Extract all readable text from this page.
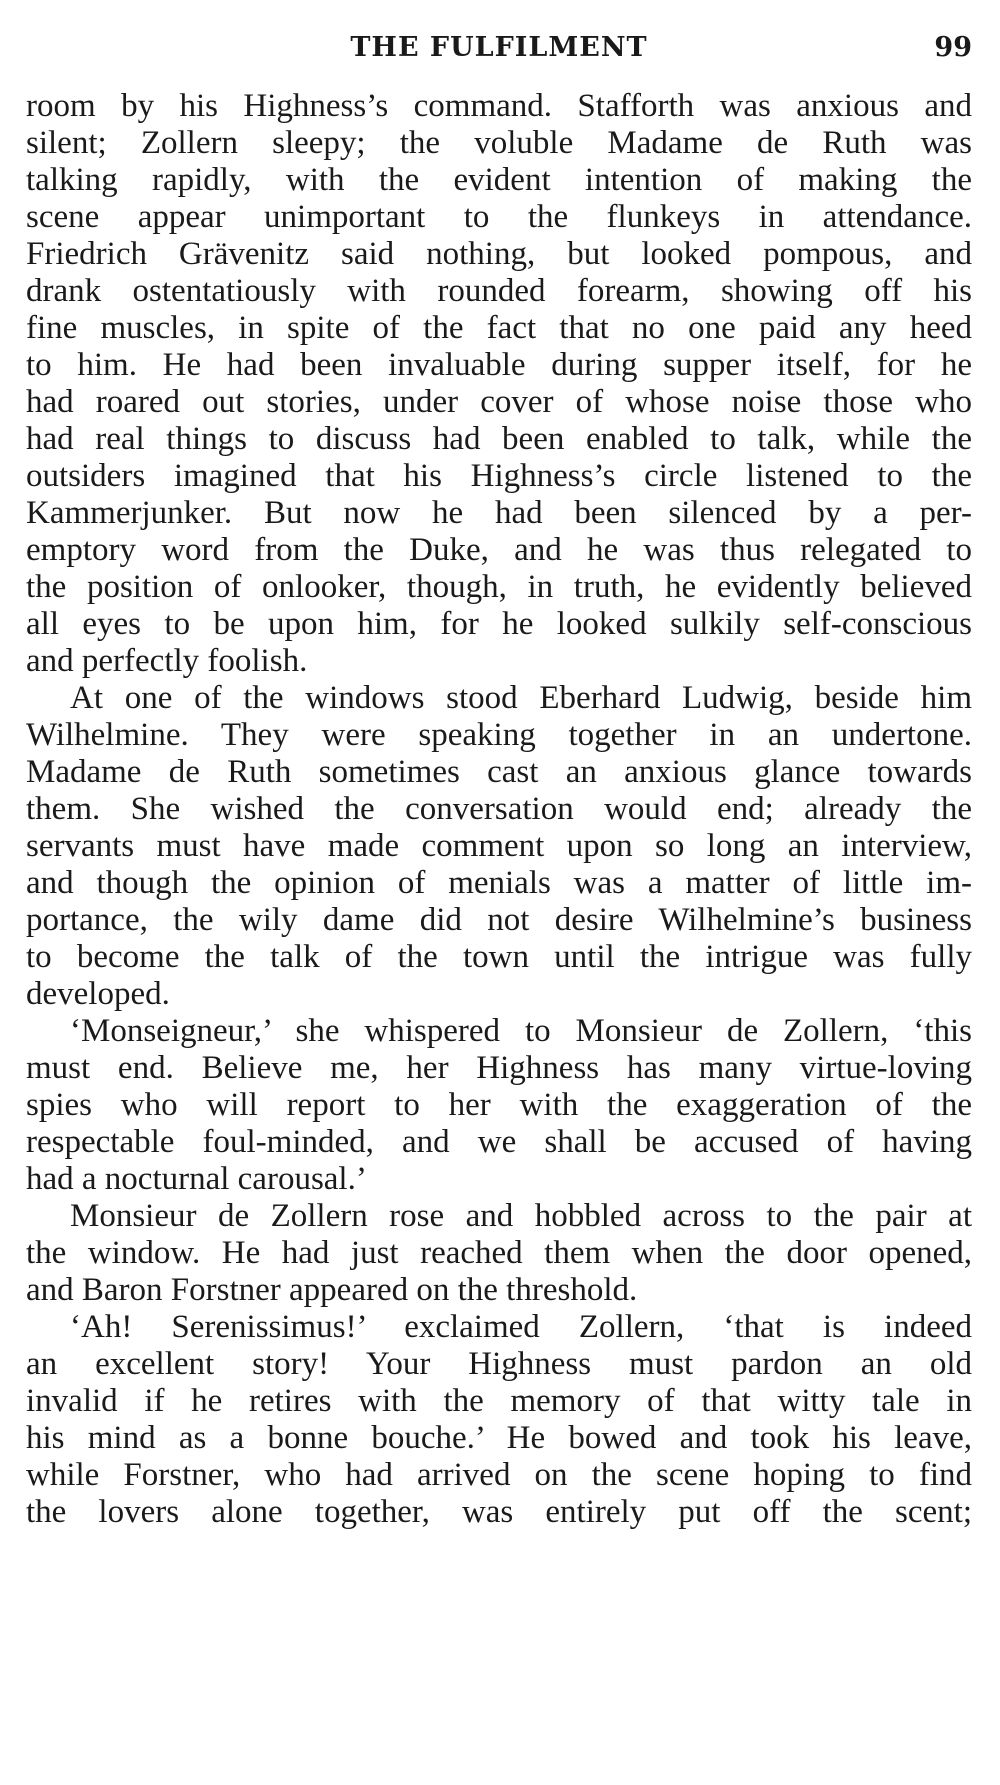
THE FULFILMENT	99
room by his Highness’s command. Stafforth was anxious and
silent; Zollern sleepy; the voluble Madame de Ruth was
talking rapidly, with the evident intention of making the
scene appear unimportant to the flunkeys in attendance.
Friedrich Grävenitz said nothing, but looked pompous, and
drank ostentatiously with rounded forearm, showing off his
fine muscles, in spite of the fact that no one paid any heed
to him. He had been invaluable during supper itself, for he
had roared out stories, under cover of whose noise those who
had real things to discuss had been enabled to talk, while the
outsiders imagined that his Highness’s circle listened to the
Kammerjunker. But now he had been silenced by a per-
emptory word from the Duke, and he was thus relegated to
the position of onlooker, though, in truth, he evidently believed
all eyes to be upon him, for he looked sulkily self-conscious
and perfectly foolish.
At one of the windows stood Eberhard Ludwig, beside him
Wilhelmine. They were speaking together in an undertone.
Madame de Ruth sometimes cast an anxious glance towards
them. She wished the conversation would end; already the
servants must have made comment upon so long an interview,
and though the opinion of menials was a matter of little im-
portance, the wily dame did not desire Wilhelmine’s business
to become the talk of the town until the intrigue was fully
developed.
‘Monseigneur,’ she whispered to Monsieur de Zollern, ‘this
must end. Believe me, her Highness has many virtue-loving
spies who will report to her with the exaggeration of the
respectable foul-minded, and we shall be accused of having
had a nocturnal carousal.’
Monsieur de Zollern rose and hobbled across to the pair at
the window. He had just reached them when the door opened,
and Baron Forstner appeared on the threshold.
‘Ah! Serenissimus!’ exclaimed Zollern, ‘that is indeed
an excellent story! Your Highness must pardon an old
invalid if he retires with the memory of that witty tale in
his mind as a bonne bouche.’ He bowed and took his leave,
while Forstner, who had arrived on the scene hoping to find
the lovers alone together, was entirely put off the scent;
